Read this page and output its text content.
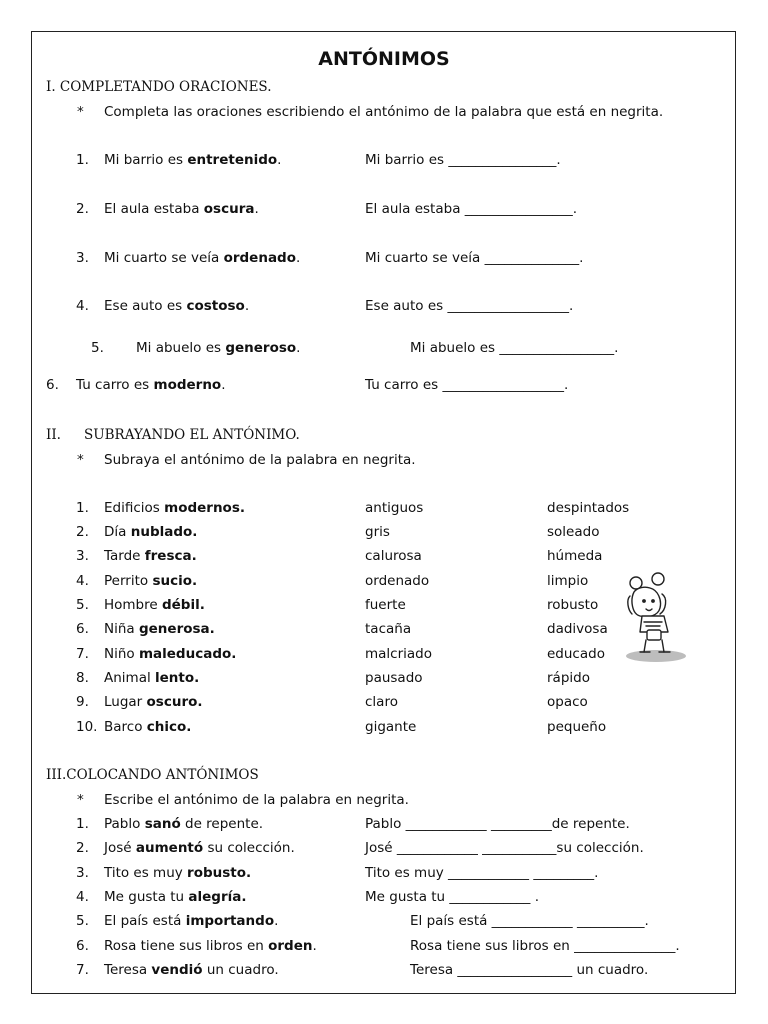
ANTÓNIMOS
I. COMPLETANDO ORACIONES.
* Completa las oraciones escribiendo el antónimo de la palabra que está en negrita.
1. Mi barrio es entretenido.	Mi barrio es ________________.
2. El aula estaba oscura.	El aula estaba ________________.
3. Mi cuarto se veía ordenado.	Mi cuarto se veía ______________.
4. Ese auto es costoso.	Ese auto es __________________.
5. Mi abuelo es generoso.	Mi abuelo es _________________.
6. Tu carro es moderno.	Tu carro es __________________.
II. SUBRAYANDO EL ANTÓNIMO.
* Subraya el antónimo de la palabra en negrita.
1. Edificios modernos.	antiguos	despintados
2. Día nublado.	gris	soleado
3. Tarde fresca.	calurosa	húmeda
4. Perrito sucio.	ordenado	limpio
5. Hombre débil.	fuerte	robusto
6. Niña generosa.	tacaña	dadivosa
7. Niño maleducado.	malcriado	educado
8. Animal lento.	pausado	rápido
9. Lugar oscuro.	claro	opaco
10. Barco chico.	gigante	pequeño
III.COLOCANDO ANTÓNIMOS
* Escribe el antónimo de la palabra en negrita.
1. Pablo sanó de repente.	Pablo ____________ _________de repente.
2. José aumentó su colección.	José ____________ ___________su colección.
3. Tito es muy robusto.	Tito es muy ____________ _________.
4. Me gusta tu alegría.	Me gusta tu ____________ .
5. El país está importando.	El país está ____________ __________.
6. Rosa tiene sus libros en orden.	Rosa tiene sus libros en _______________.
7. Teresa vendió un cuadro.	Teresa _________________ un cuadro.
